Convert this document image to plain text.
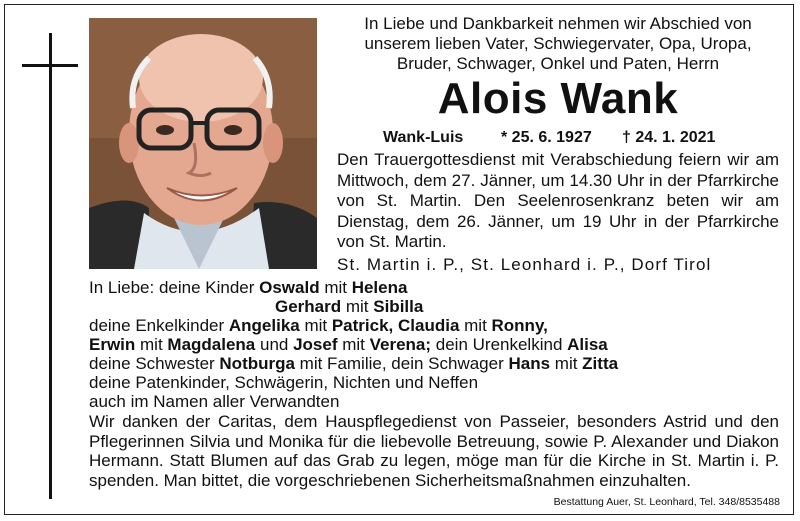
In Liebe und Dankbarkeit nehmen wir Abschied von unserem lieben Vater, Schwiegervater, Opa, Uropa, Bruder, Schwager, Onkel und Paten, Herrn
Alois Wank
Wank-Luis * 25. 6. 1927 † 24. 1. 2021
Den Trauergottesdienst mit Verabschiedung feiern wir am Mittwoch, dem 27. Jänner, um 14.30 Uhr in der Pfarrkirche von St. Martin. Den Seelenrosenkranz beten wir am Dienstag, dem 26. Jänner, um 19 Uhr in der Pfarrkirche von St. Martin.
St. Martin i. P., St. Leonhard i. P., Dorf Tirol
In Liebe: deine Kinder Oswald mit Helena
Gerhard mit Sibilla
deine Enkelkinder Angelika mit Patrick, Claudia mit Ronny,
Erwin mit Magdalena und Josef mit Verena; dein Urenkelkind Alisa
deine Schwester Notburga mit Familie, dein Schwager Hans mit Zitta
deine Patenkinder, Schwägerin, Nichten und Neffen
auch im Namen aller Verwandten
Wir danken der Caritas, dem Hauspflegedienst von Passeier, besonders Astrid und den Pflegerinnen Silvia und Monika für die liebevolle Betreuung, sowie P. Alexander und Diakon Hermann. Statt Blumen auf das Grab zu legen, möge man für die Kirche in St. Martin i. P. spenden. Man bittet, die vorgeschriebenen Sicherheitsmaßnahmen einzuhalten.
Bestattung Auer, St. Leonhard, Tel. 348/8535488
